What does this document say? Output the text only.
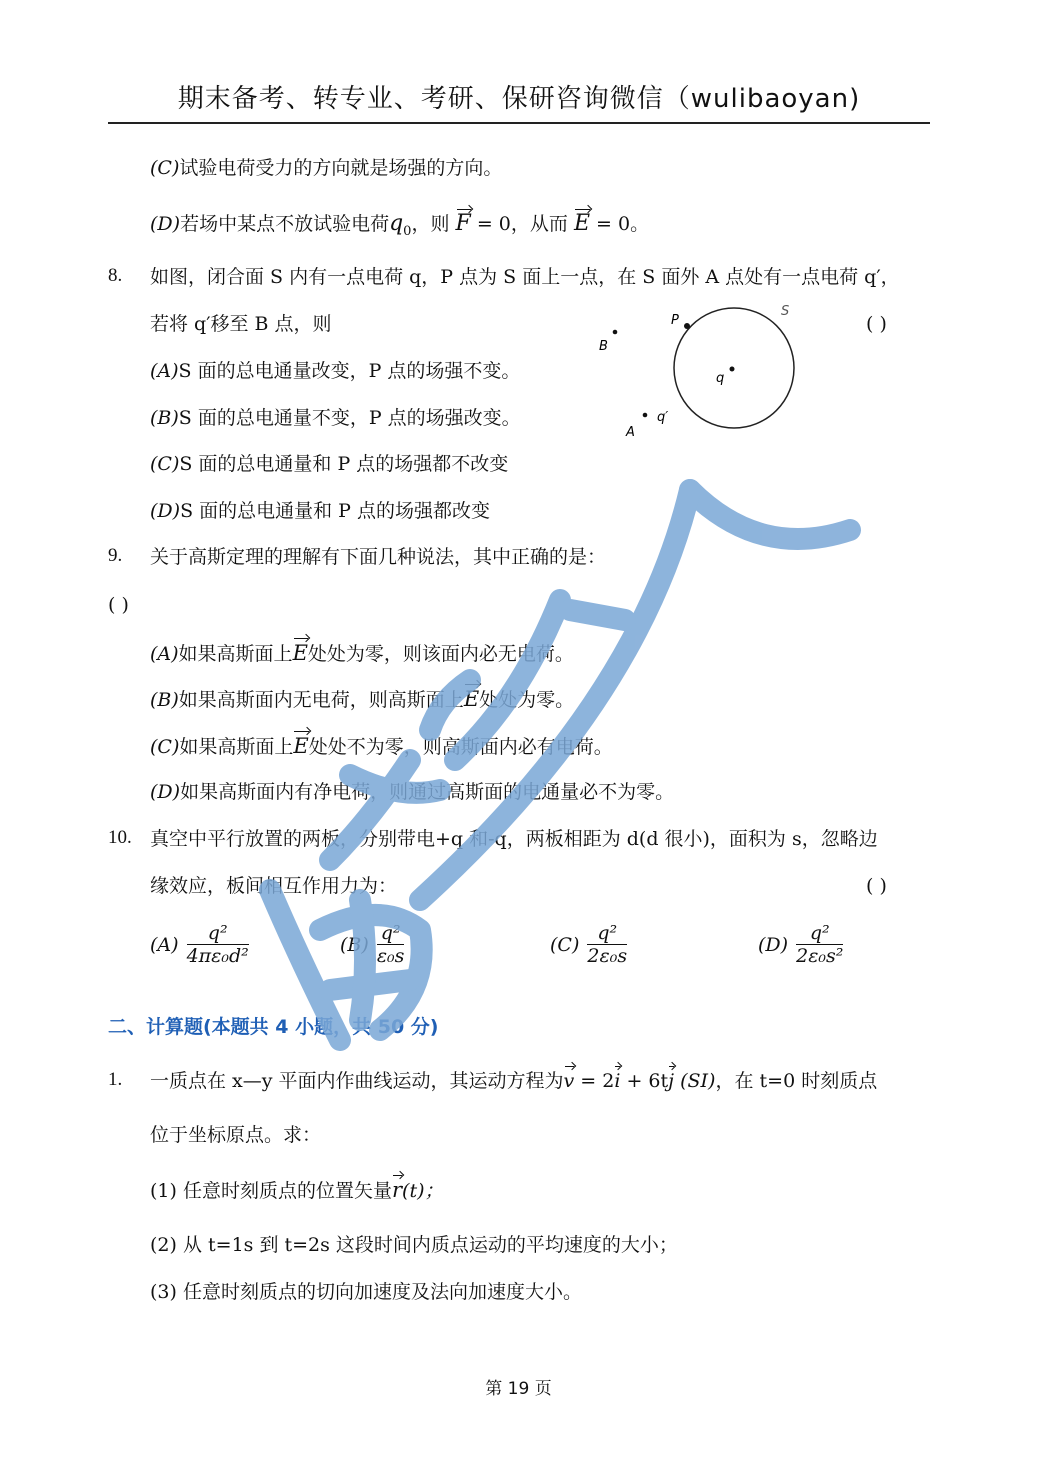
期末备考、转专业、考研、保研咨询微信（wulibaoyan)
(C)试验电荷受力的方向就是场强的方向。
(D)若场中某点不放试验电荷$q_0$，则 F = 0，从而 E = 0。
8. 如图，闭合面 S 内有一点电荷 q，P 点为 S 面上一点，在 S 面外 A 点处有一点电荷 q′，
若将 q′移至 B 点，则	( )
(A)S 面的总电通量改变，P 点的场强不变。
(B)S 面的总电通量不变，P 点的场强改变。
(C)S 面的总电通量和 P 点的场强都不改变
(D)S 面的总电通量和 P 点的场强都改变
P
S
q
B
q′
A
9. 关于高斯定理的理解有下面几种说法，其中正确的是：
( )
(A)如果高斯面上E处处为零，则该面内必无电荷。
(B)如果高斯面内无电荷，则高斯面上E处处为零。
(C)如果高斯面上E处处不为零，则高斯面内必有电荷。
(D)如果高斯面内有净电荷，则通过高斯面的电通量必不为零。
10. 真空中平行放置的两板，分别带电+q 和-q，两板相距为 d(d 很小)，面积为 s，忽略边
缘效应，板间相互作用力为：	( )
$(A) \frac{\text{q²}}{\text{4πε₀d²}}$	$(B) \frac{\text{q²}}{\text{ε₀s}}$	$(C) \frac{\text{q²}}{\text{2ε₀s}}$	$(D) \frac{\text{q²}}{\text{2ε₀s²}}$
二、计算题(本题共 4 小题，共 50 分)
1. 一质点在 x—y 平面内作曲线运动，其运动方程为v = 2i + 6tj (SI)，在 t=0 时刻质点
位于坐标原点。求：
(1) 任意时刻质点的位置矢量r(t)；
(2) 从 t=1s 到 t=2s 这段时间内质点运动的平均速度的大小；
(3) 任意时刻质点的切向加速度及法向加速度大小。
第 19 页
